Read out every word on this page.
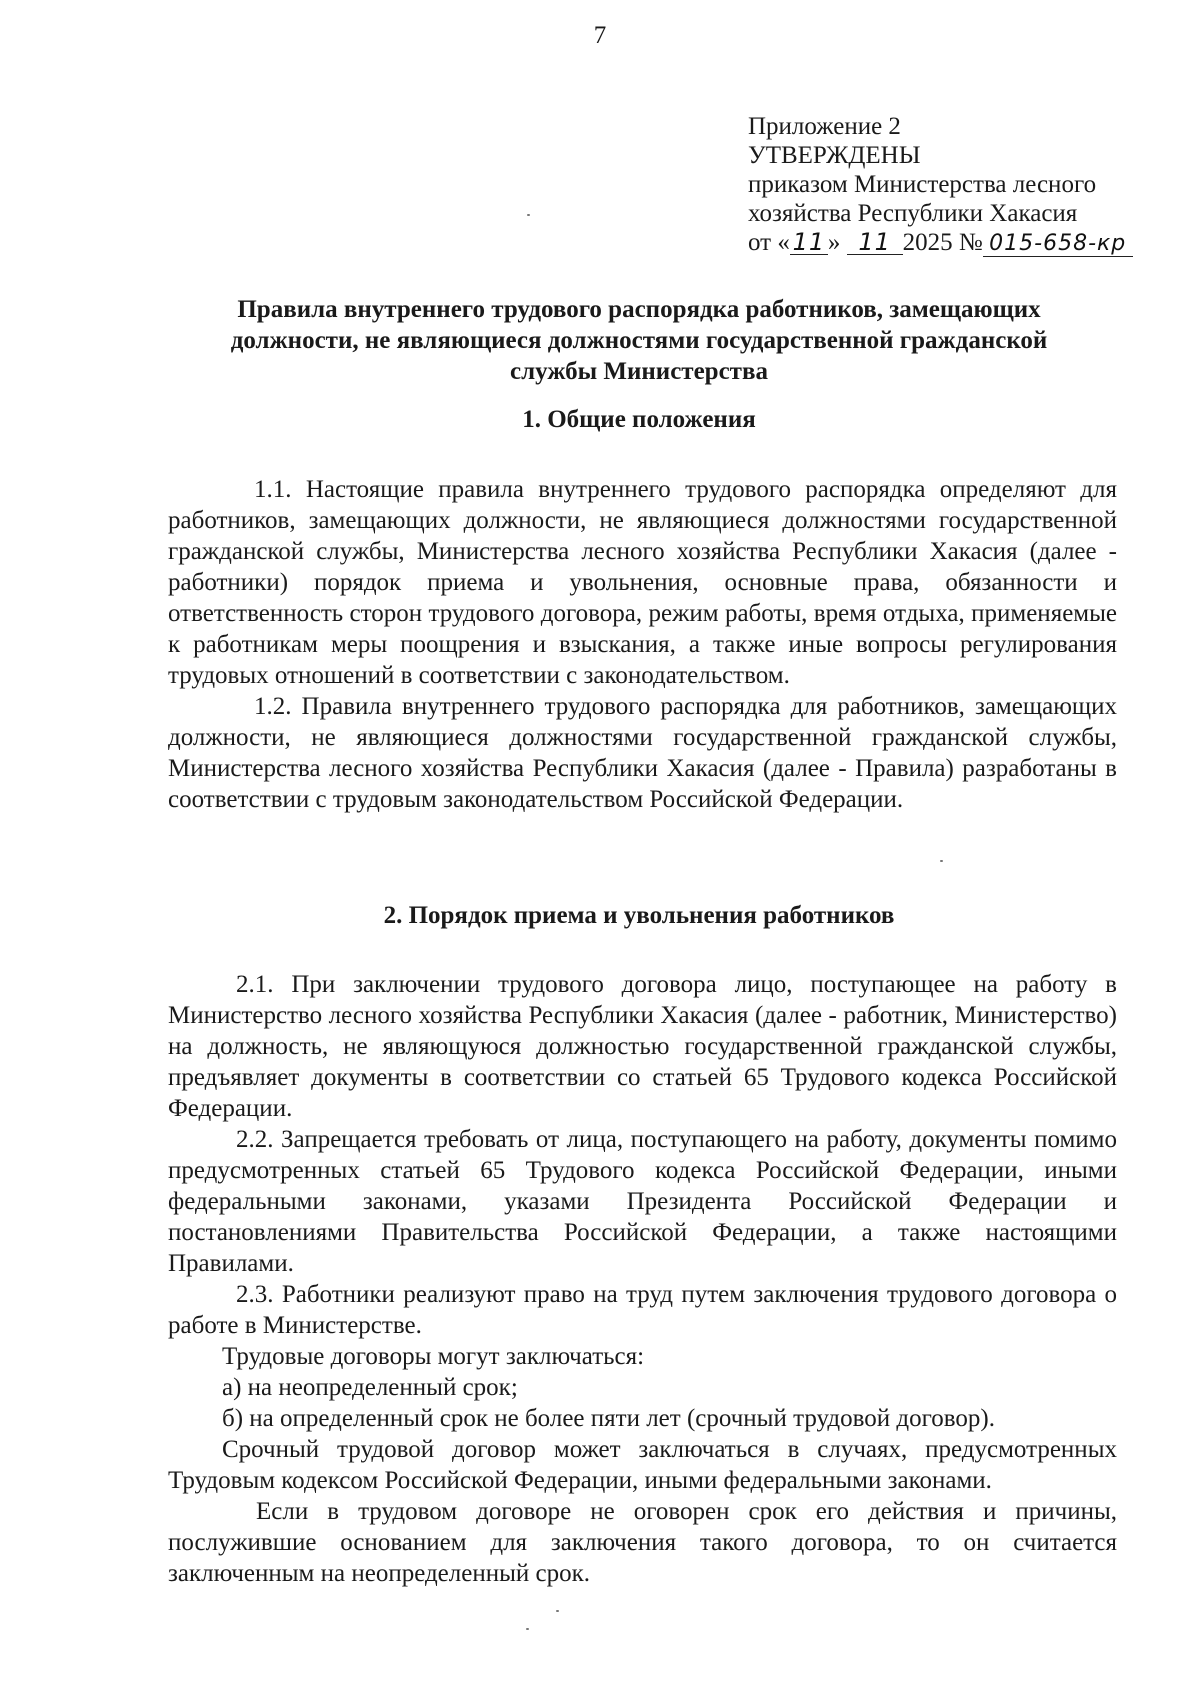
7
Приложение 2
УТВЕРЖДЕНЫ
приказом Министерства лесного
хозяйства Республики Хакасия
от « 11 » 11 2025 № 015-658-кр
Правила внутреннего трудового распорядка работников, замещающих
должности, не являющиеся должностями государственной гражданской
службы Министерства
1. Общие положения

1.1. Настоящие правила внутреннего трудового распорядка определяют для работников, замещающих должности, не являющиеся должностями государственной гражданской службы, Министерства лесного хозяйства Республики Хакасия (далее - работники) порядок приема и увольнения, основные права, обязанности и ответственность сторон трудового договора, режим работы, время отдыха, применяемые к работникам меры поощрения и взыскания, а также иные вопросы регулирования трудовых отношений в соответствии с законодательством.

1.2. Правила внутреннего трудового распорядка для работников, замещающих должности, не являющиеся должностями государственной гражданской службы, Министерства лесного хозяйства Республики Хакасия (далее - Правила) разработаны в соответствии с трудовым законодательством Российской Федерации.

2. Порядок приема и увольнения работников

2.1. При заключении трудового договора лицо, поступающее на работу в Министерство лесного хозяйства Республики Хакасия (далее - работник, Министерство) на должность, не являющуюся должностью государственной гражданской службы, предъявляет документы в соответствии со статьей 65 Трудового кодекса Российской Федерации.

2.2. Запрещается требовать от лица, поступающего на работу, документы помимо предусмотренных статьей 65 Трудового кодекса Российской Федерации, иными федеральными законами, указами Президента Российской Федерации и постановлениями Правительства Российской Федерации, а также настоящими Правилами.

2.3. Работники реализуют право на труд путем заключения трудового договора о работе в Министерстве.

Трудовые договоры могут заключаться:

а) на неопределенный срок;

б) на определенный срок не более пяти лет (срочный трудовой договор).

Срочный трудовой договор может заключаться в случаях, предусмотренных Трудовым кодексом Российской Федерации, иными федеральными законами.

Если в трудовом договоре не оговорен срок его действия и причины, послужившие основанием для заключения такого договора, то он считается заключенным на неопределенный срок.
